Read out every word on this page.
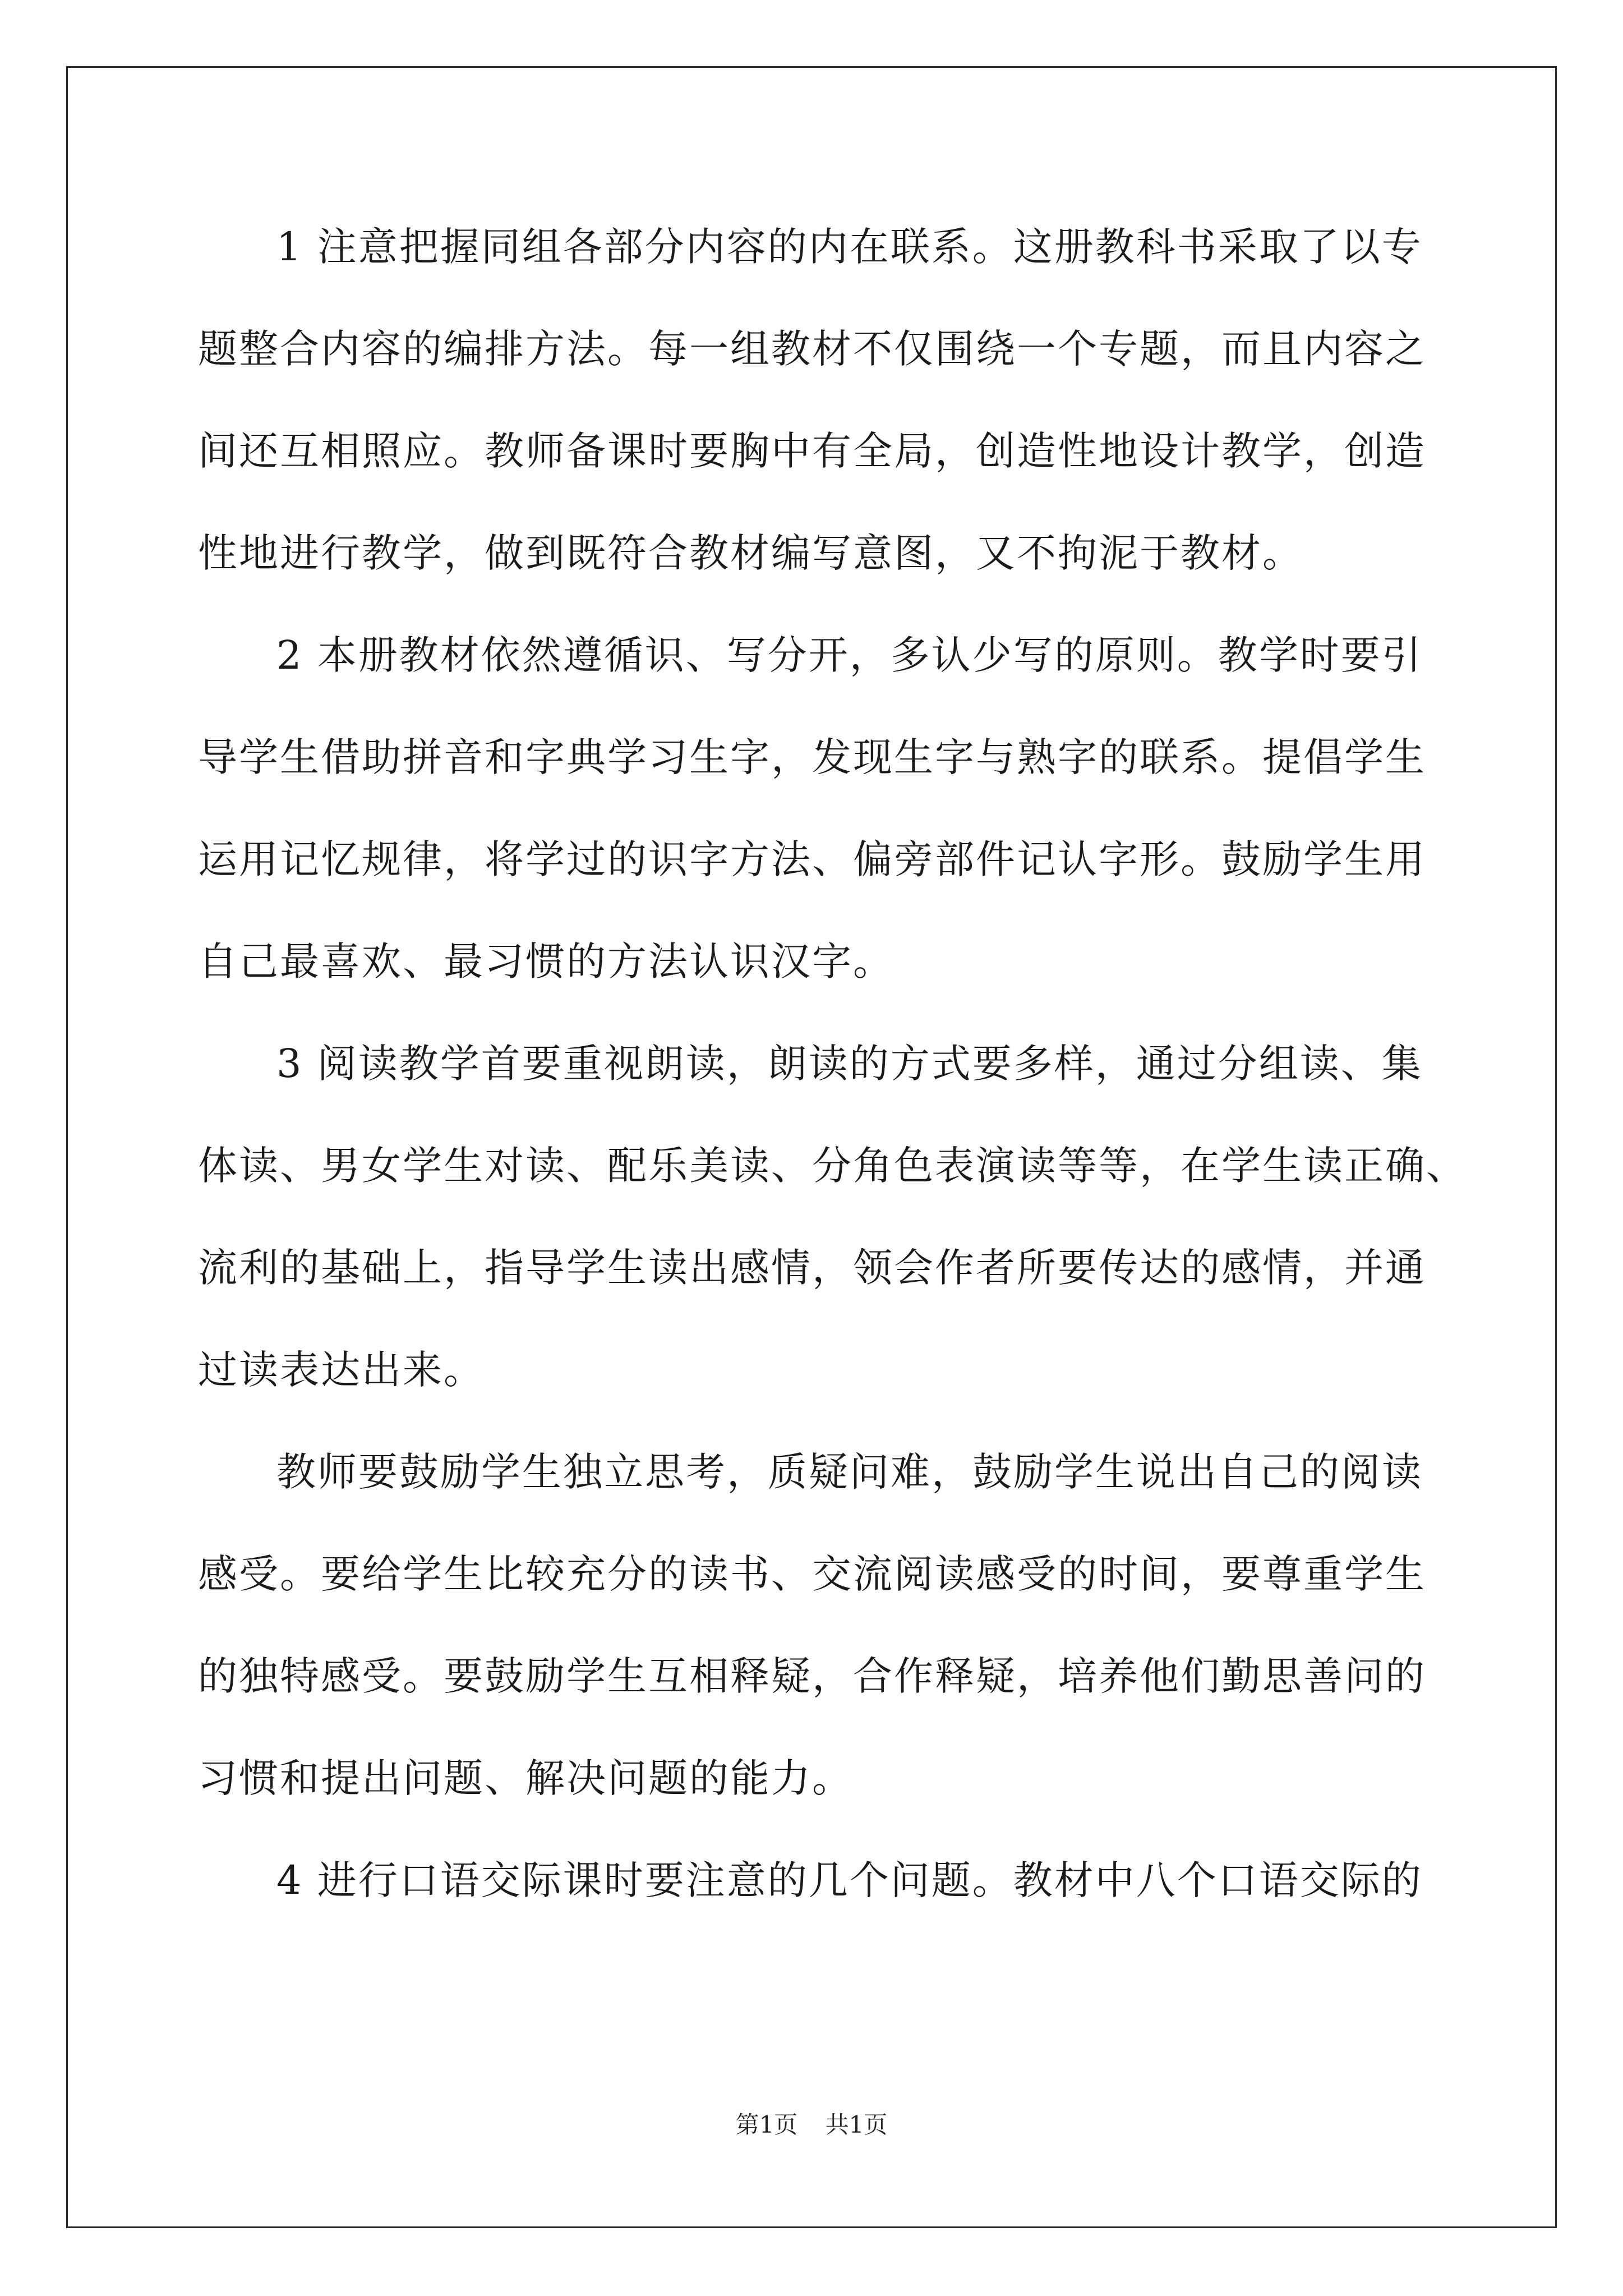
1 注意把握同组各部分内容的内在联系。这册教科书采取了以专
题整合内容的编排方法。每一组教材不仅围绕一个专题，而且内容之
间还互相照应。教师备课时要胸中有全局，创造性地设计教学，创造
性地进行教学，做到既符合教材编写意图，又不拘泥于教材。
2 本册教材依然遵循识、写分开，多认少写的原则。教学时要引
导学生借助拼音和字典学习生字，发现生字与熟字的联系。提倡学生
运用记忆规律，将学过的识字方法、偏旁部件记认字形。鼓励学生用
自己最喜欢、最习惯的方法认识汉字。
3 阅读教学首要重视朗读，朗读的方式要多样，通过分组读、集
体读、男女学生对读、配乐美读、分角色表演读等等，在学生读正确、
流利的基础上，指导学生读出感情，领会作者所要传达的感情，并通
过读表达出来。
教师要鼓励学生独立思考，质疑问难，鼓励学生说出自己的阅读
感受。要给学生比较充分的读书、交流阅读感受的时间，要尊重学生
的独特感受。要鼓励学生互相释疑，合作释疑，培养他们勤思善问的
习惯和提出问题、解决问题的能力。
4 进行口语交际课时要注意的几个问题。教材中八个口语交际的
第1页 共1页
